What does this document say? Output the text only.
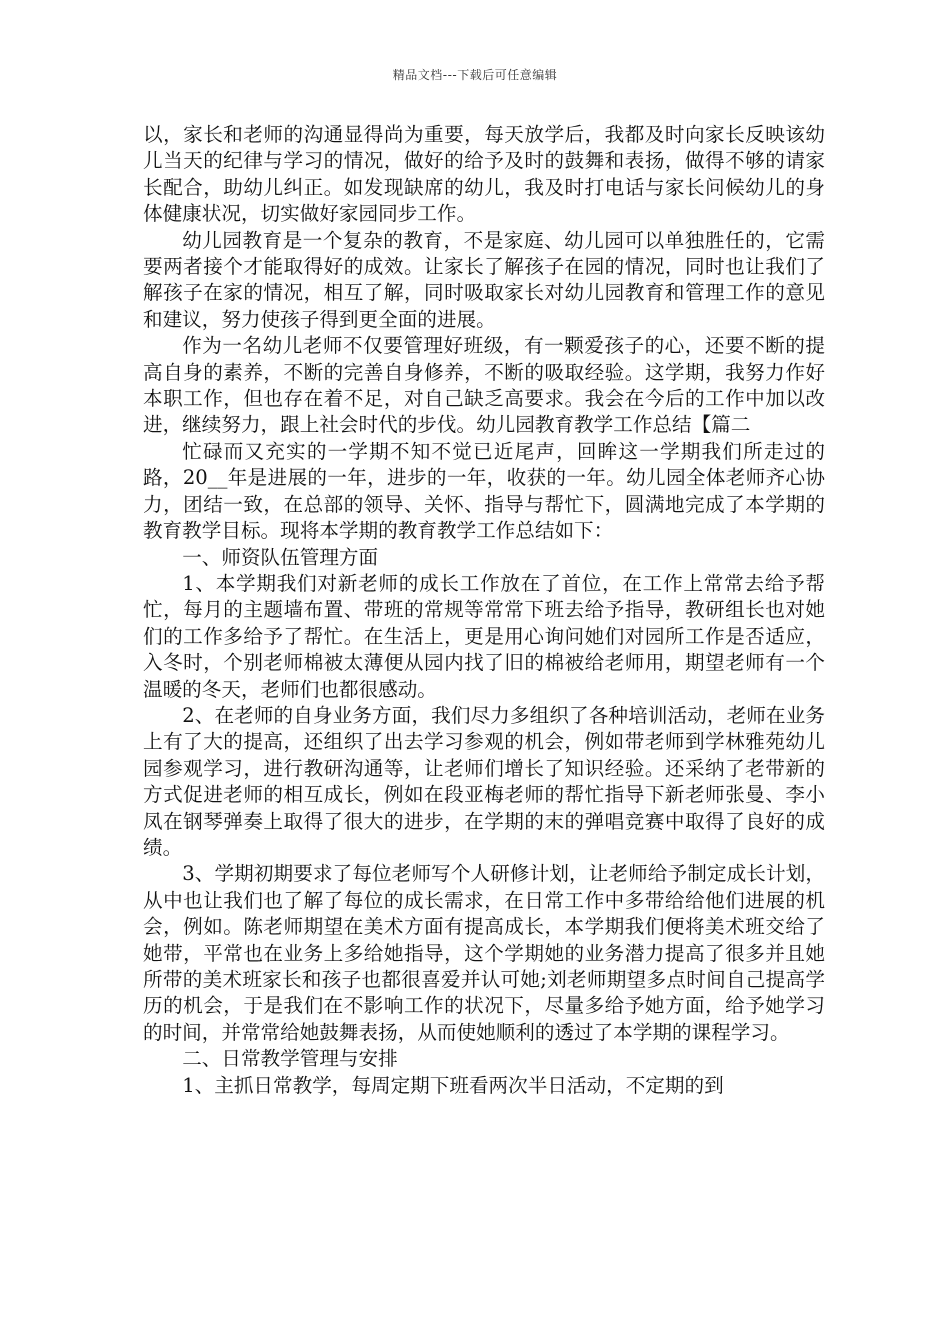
精品文档---下载后可任意编辑

以，家长和老师的沟通显得尚为重要，每天放学后，我都及时向家长反映该幼儿当天的纪律与学习的情况，做好的给予及时的鼓舞和表扬，做得不够的请家长配合，助幼儿纠正。如发现缺席的幼儿，我及时打电话与家长问候幼儿的身体健康状况，切实做好家园同步工作。

幼儿园教育是一个复杂的教育，不是家庭、幼儿园可以单独胜任的，它需要两者接个才能取得好的成效。让家长了解孩子在园的情况，同时也让我们了解孩子在家的情况，相互了解，同时吸取家长对幼儿园教育和管理工作的意见和建议，努力使孩子得到更全面的进展。

作为一名幼儿老师不仅要管理好班级，有一颗爱孩子的心，还要不断的提高自身的素养，不断的完善自身修养，不断的吸取经验。这学期，我努力作好本职工作，但也存在着不足，对自己缺乏高要求。我会在今后的工作中加以改进，继续努力，跟上社会时代的步伐。幼儿园教育教学工作总结【篇二

忙碌而又充实的一学期不知不觉已近尾声，回眸这一学期我们所走过的路，20__年是进展的一年，进步的一年，收获的一年。幼儿园全体老师齐心协力，团结一致，在总部的领导、关怀、指导与帮忙下，圆满地完成了本学期的教育教学目标。现将本学期的教育教学工作总结如下：

一、师资队伍管理方面

1、本学期我们对新老师的成长工作放在了首位，在工作上常常去给予帮忙，每月的主题墙布置、带班的常规等常常下班去给予指导，教研组长也对她们的工作多给予了帮忙。在生活上，更是用心询问她们对园所工作是否适应，入冬时，个别老师棉被太薄便从园内找了旧的棉被给老师用，期望老师有一个温暖的冬天，老师们也都很感动。

2、在老师的自身业务方面，我们尽力多组织了各种培训活动，老师在业务上有了大的提高，还组织了出去学习参观的机会，例如带老师到学林雅苑幼儿园参观学习，进行教研沟通等，让老师们增长了知识经验。还采纳了老带新的方式促进老师的相互成长，例如在段亚梅老师的帮忙指导下新老师张曼、李小凤在钢琴弹奏上取得了很大的进步，在学期的末的弹唱竞赛中取得了良好的成绩。

3、学期初期要求了每位老师写个人研修计划，让老师给予制定成长计划，从中也让我们也了解了每位的成长需求，在日常工作中多带给给他们进展的机会，例如。陈老师期望在美术方面有提高成长，本学期我们便将美术班交给了她带，平常也在业务上多给她指导，这个学期她的业务潜力提高了很多并且她所带的美术班家长和孩子也都很喜爱并认可她;刘老师期望多点时间自己提高学历的机会，于是我们在不影响工作的状况下，尽量多给予她方面，给予她学习的时间，并常常给她鼓舞表扬，从而使她顺利的透过了本学期的课程学习。

二、日常教学管理与安排

1、主抓日常教学，每周定期下班看两次半日活动，不定期的到
